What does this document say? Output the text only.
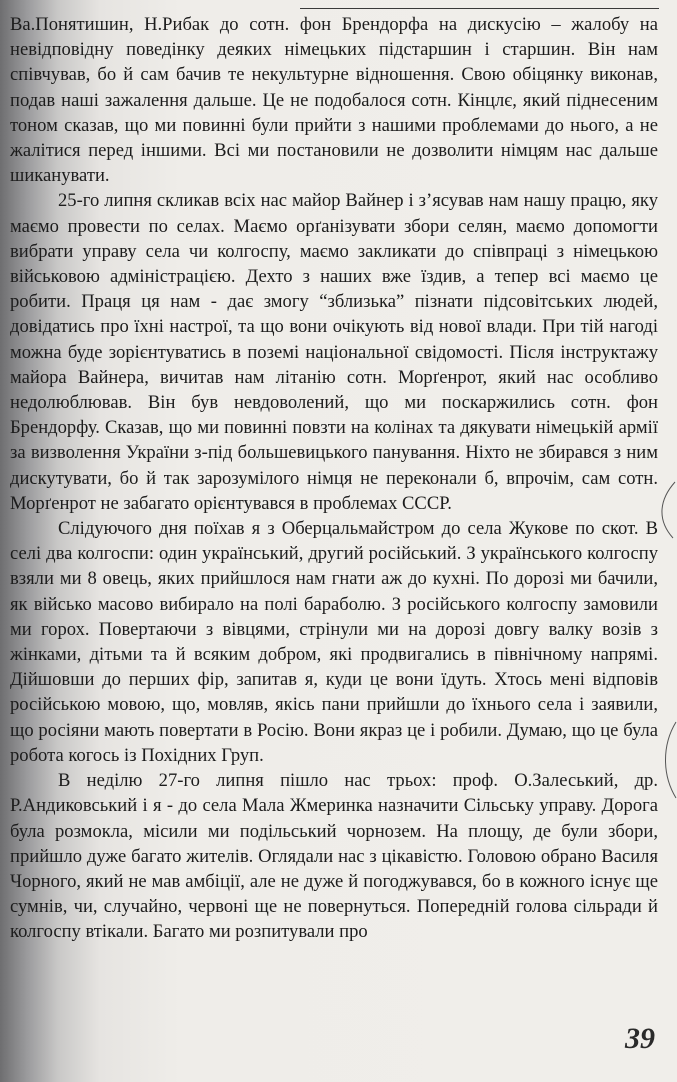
Ва.Понятишин, Н.Рибак до сотн. фон Брендорфа на дискусію – жалобу на невідповідну поведінку деяких німецьких підстаршин і старшин. Він нам співчував, бо й сам бачив те некультурне відношення. Свою обіцянку виконав, подав наші зажалення дальше. Це не подобалося сотн. Кінцлє, який піднесеним тоном сказав, що ми повинні були прийти з нашими проблемами до нього, а не жалітися перед іншими. Всі ми постановили не дозволити німцям нас дальше шиканувати.

25-го липня скликав всіх нас майор Вайнер і з’ясував нам нашу працю, яку маємо провести по селах. Маємо орґанізувати збори селян, маємо допомогти вибрати управу села чи колгоспу, маємо закликати до співпраці з німецькою військовою адміністрацією. Дехто з наших вже їздив, а тепер всі маємо це робити. Праця ця нам - дає змогу “зблизька” пізнати підсовітських людей, довідатись про їхні настрої, та що вони очікують від нової влади. При тій нагоді можна буде зорієнтуватись в поземі національної свідомості. Після інструктажу майора Вайнера, вичитав нам літанію сотн. Морґенрот, який нас особливо недолюблював. Він був невдоволений, що ми поскаржились сотн. фон Брендорфу. Сказав, що ми повинні повзти на колінах та дякувати німецькій армії за визволення України з-під большевицького панування. Ніхто не збирався з ним дискутувати, бо й так зарозумілого німця не переконали б, впрочім, сам сотн. Морґенрот не забагато орієнтувався в проблемах СССР.

Слідуючого дня поїхав я з Оберцальмайстром до села Жукове по скот. В селі два колгоспи: один український, другий російський. З українського колгоспу взяли ми 8 овець, яких прийшлося нам гнати аж до кухні. По дорозі ми бачили, як військо масово вибирало на полі бараболю. З російського колгоспу замовили ми горох. Повертаючи з вівцями, стрінули ми на дорозі довгу валку возів з жінками, дітьми та й всяким добром, які продвигались в північному напрямі. Дійшовши до перших фір, запитав я, куди це вони їдуть. Хтось мені відповів російською мовою, що, мовляв, якісь пани прийшли до їхнього села і заявили, що росіяни мають повертати в Росію. Вони якраз це і робили. Думаю, що це була робота когось із Похідних Груп.

В неділю 27-го липня пішло нас трьох: проф. О.Залеський, др. Р.Андиковський і я - до села Мала Жмеринка назначити Сільську управу. Дорога була розмокла, місили ми подільський чорнозем. На площу, де були збори, прийшло дуже багато жителів. Оглядали нас з цікавістю. Головою обрано Василя Чорного, який не мав амбіції, але не дуже й погоджувався, бо в кожного існує ще сумнів, чи, случайно, червоні ще не повернуться. Попередній голова сільради й колгоспу втікали. Багато ми розпитували про

39
